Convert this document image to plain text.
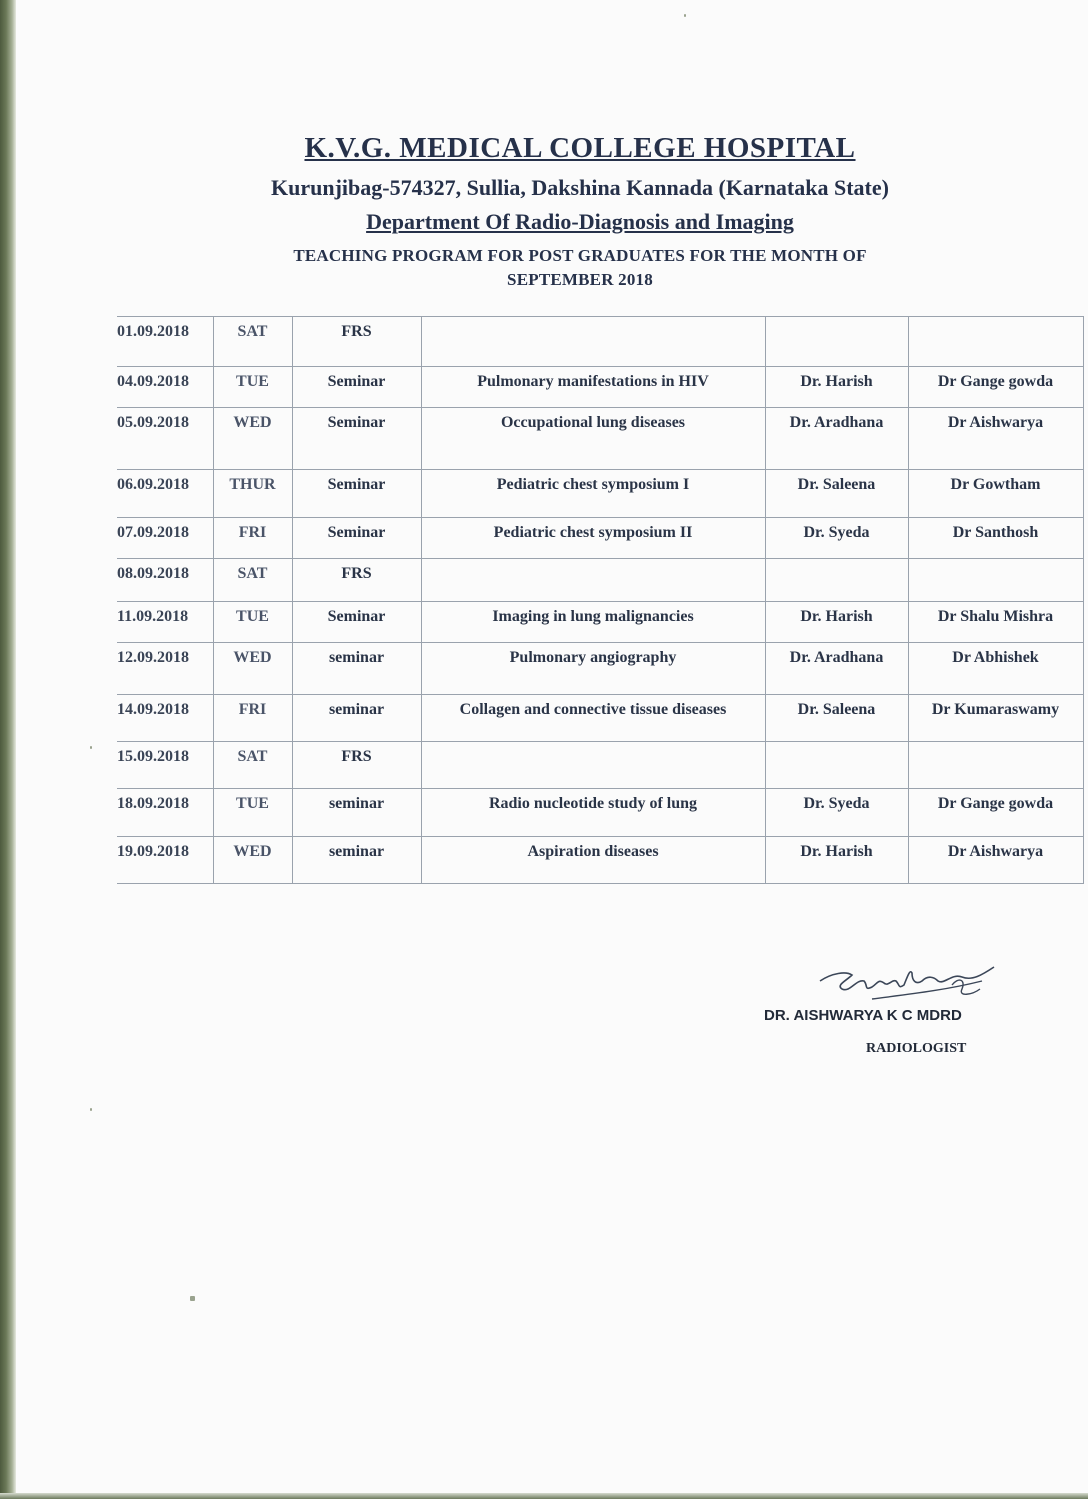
K.V.G. MEDICAL COLLEGE HOSPITAL
Kurunjibag-574327, Sullia, Dakshina Kannada (Karnataka State)
Department Of Radio-Diagnosis and Imaging
TEACHING PROGRAM FOR POST GRADUATES FOR THE MONTH OF
SEPTEMBER 2018
01.09.2018	SAT	FRS			
04.09.2018	TUE	Seminar	Pulmonary manifestations in HIV	Dr. Harish	Dr Gange gowda
05.09.2018	WED	Seminar	Occupational lung diseases	Dr. Aradhana	Dr Aishwarya
06.09.2018	THUR	Seminar	Pediatric chest symposium I	Dr. Saleena	Dr Gowtham
07.09.2018	FRI	Seminar	Pediatric chest symposium II	Dr. Syeda	Dr Santhosh
08.09.2018	SAT	FRS			
11.09.2018	TUE	Seminar	Imaging in lung malignancies	Dr. Harish	Dr Shalu Mishra
12.09.2018	WED	seminar	Pulmonary angiography	Dr. Aradhana	Dr Abhishek
14.09.2018	FRI	seminar	Collagen and connective tissue diseases	Dr. Saleena	Dr Kumaraswamy
15.09.2018	SAT	FRS			
18.09.2018	TUE	seminar	Radio nucleotide study of lung	Dr. Syeda	Dr Gange gowda
19.09.2018	WED	seminar	Aspiration diseases	Dr. Harish	Dr Aishwarya
DR. AISHWARYA K C MDRD
RADIOLOGIST
